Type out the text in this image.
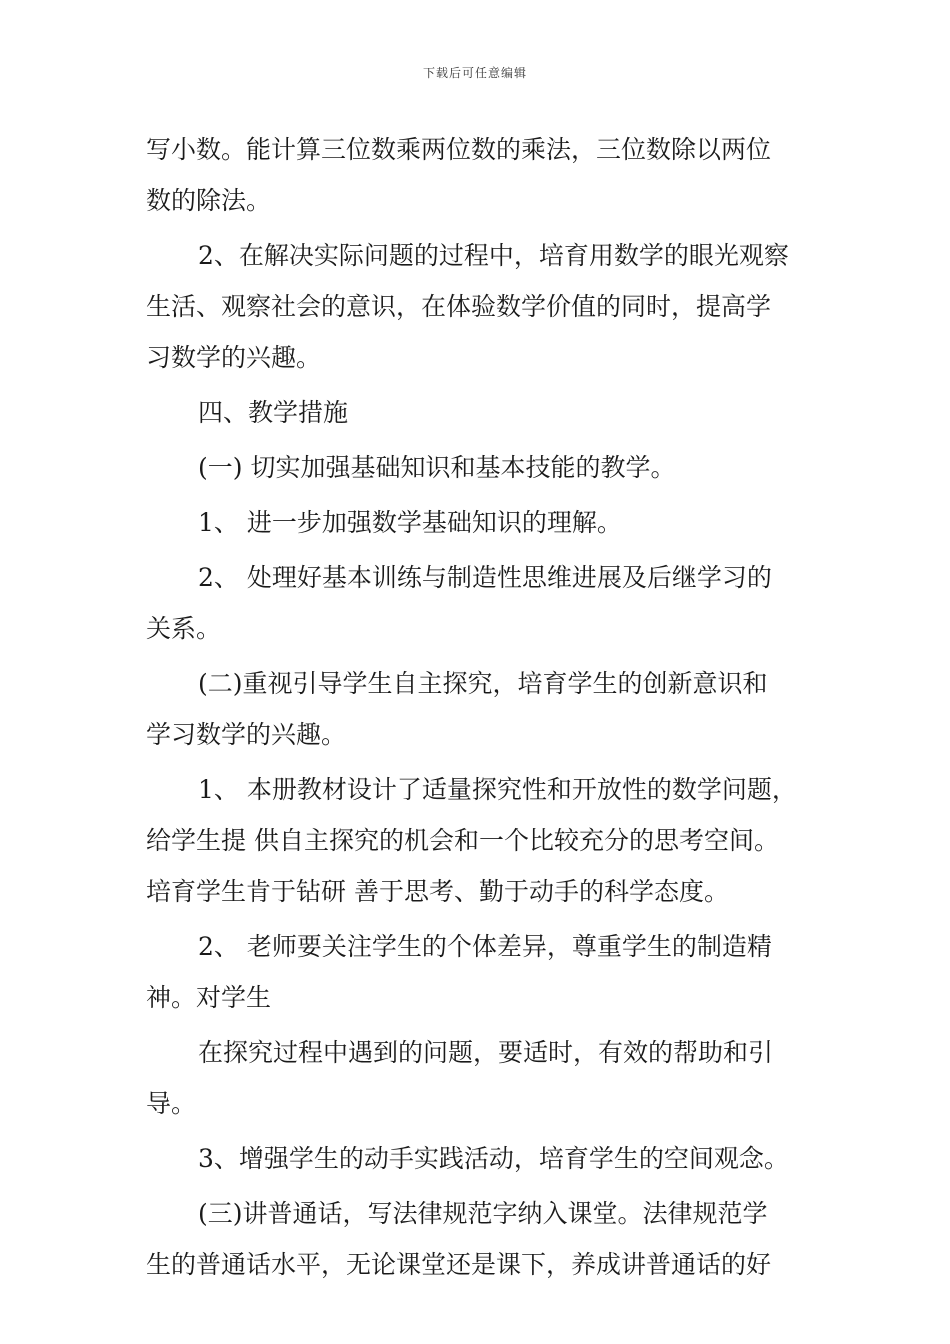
下载后可任意编辑

写小数。能计算三位数乘两位数的乘法，三位数除以两位
数的除法。

2、在解决实际问题的过程中，培育用数学的眼光观察
生活、观察社会的意识，在体验数学价值的同时，提高学
习数学的兴趣。

四、教学措施

(一) 切实加强基础知识和基本技能的教学。

1、 进一步加强数学基础知识的理解。

2、 处理好基本训练与制造性思维进展及后继学习的
关系。

(二)重视引导学生自主探究，培育学生的创新意识和
学习数学的兴趣。

1、 本册教材设计了适量探究性和开放性的数学问题，
给学生提 供自主探究的机会和一个比较充分的思考空间。
培育学生肯于钻研 善于思考、勤于动手的科学态度。

2、 老师要关注学生的个体差异，尊重学生的制造精
神。对学生

在探究过程中遇到的问题，要适时，有效的帮助和引
导。

3、增强学生的动手实践活动，培育学生的空间观念。

(三)讲普通话，写法律规范字纳入课堂。法律规范学
生的普通话水平，无论课堂还是课下，养成讲普通话的好
